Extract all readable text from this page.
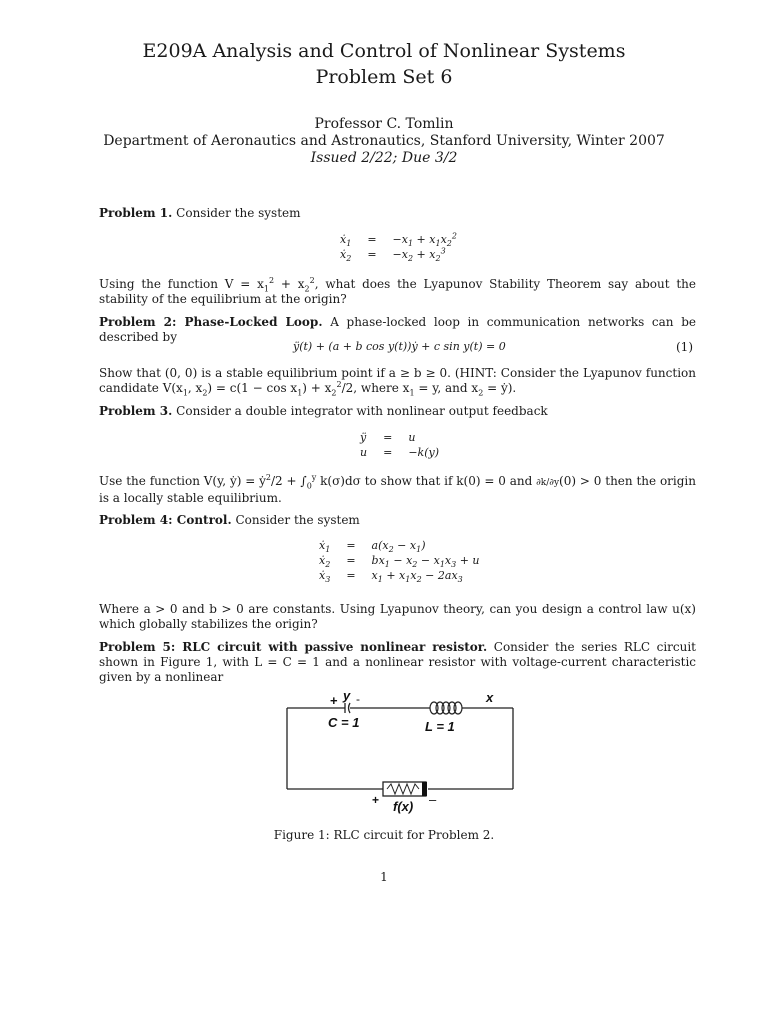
E209A Analysis and Control of Nonlinear Systems
Problem Set 6
Professor C. Tomlin
Department of Aeronautics and Astronautics, Stanford University, Winter 2007
Issued 2/22; Due 3/2
Problem 1. Consider the system
ẋ$_1$	=	$-x_1 + x_1x_2^2$
ẋ$_2$	=	$-x_2 + x_2^3$
Using the function $V = x_1^2 + x_2^2$, what does the Lyapunov Stability Theorem say about the stability of the equilibrium at the origin?
Problem 2: Phase-Locked Loop. A phase-locked loop in communication networks can be described by
ÿ(t) + (a + b cos y(t))ẏ + c sin y(t) = 0	(1)
Show that (0, 0) is a stable equilibrium point if a ≥ b ≥ 0. (HINT: Consider the Lyapunov function candidate $V(x_1$, $x_2) = c(1 - \cos x_1) + x_2^2/2$, where $x_1 = y$, and $x_2$ = ẏ).
Problem 3. Consider a double integrator with nonlinear output feedback
ÿ	=	u
u	=	−k(y)
Use the function V(y, ẏ) = ẏ$^2$/2 + $\int_0^y$ k(σ)dσ to show that if k(0) = 0 and ∂k/∂y(0) > 0 then the origin is a locally stable equilibrium.
Problem 4: Control. Consider the system
ẋ$_1$	=	$a(x_2 - x_1)$
ẋ$_2$	=	$bx_1 - x_2 - x_1x_3 + u$
ẋ$_3$	=	$x_1 + x_1x_2 - 2ax_3$
Where a > 0 and b > 0 are constants. Using Lyapunov theory, can you design a control law u(x) which globally stabilizes the origin?
Problem 5: RLC circuit with passive nonlinear resistor. Consider the series RLC circuit shown in Figure 1, with L = C = 1 and a nonlinear resistor with voltage-current characteristic given by a nonlinear
+ y -
C = 1	L = 1
x
+	–
f(x)
Figure 1: RLC circuit for Problem 2.
1
